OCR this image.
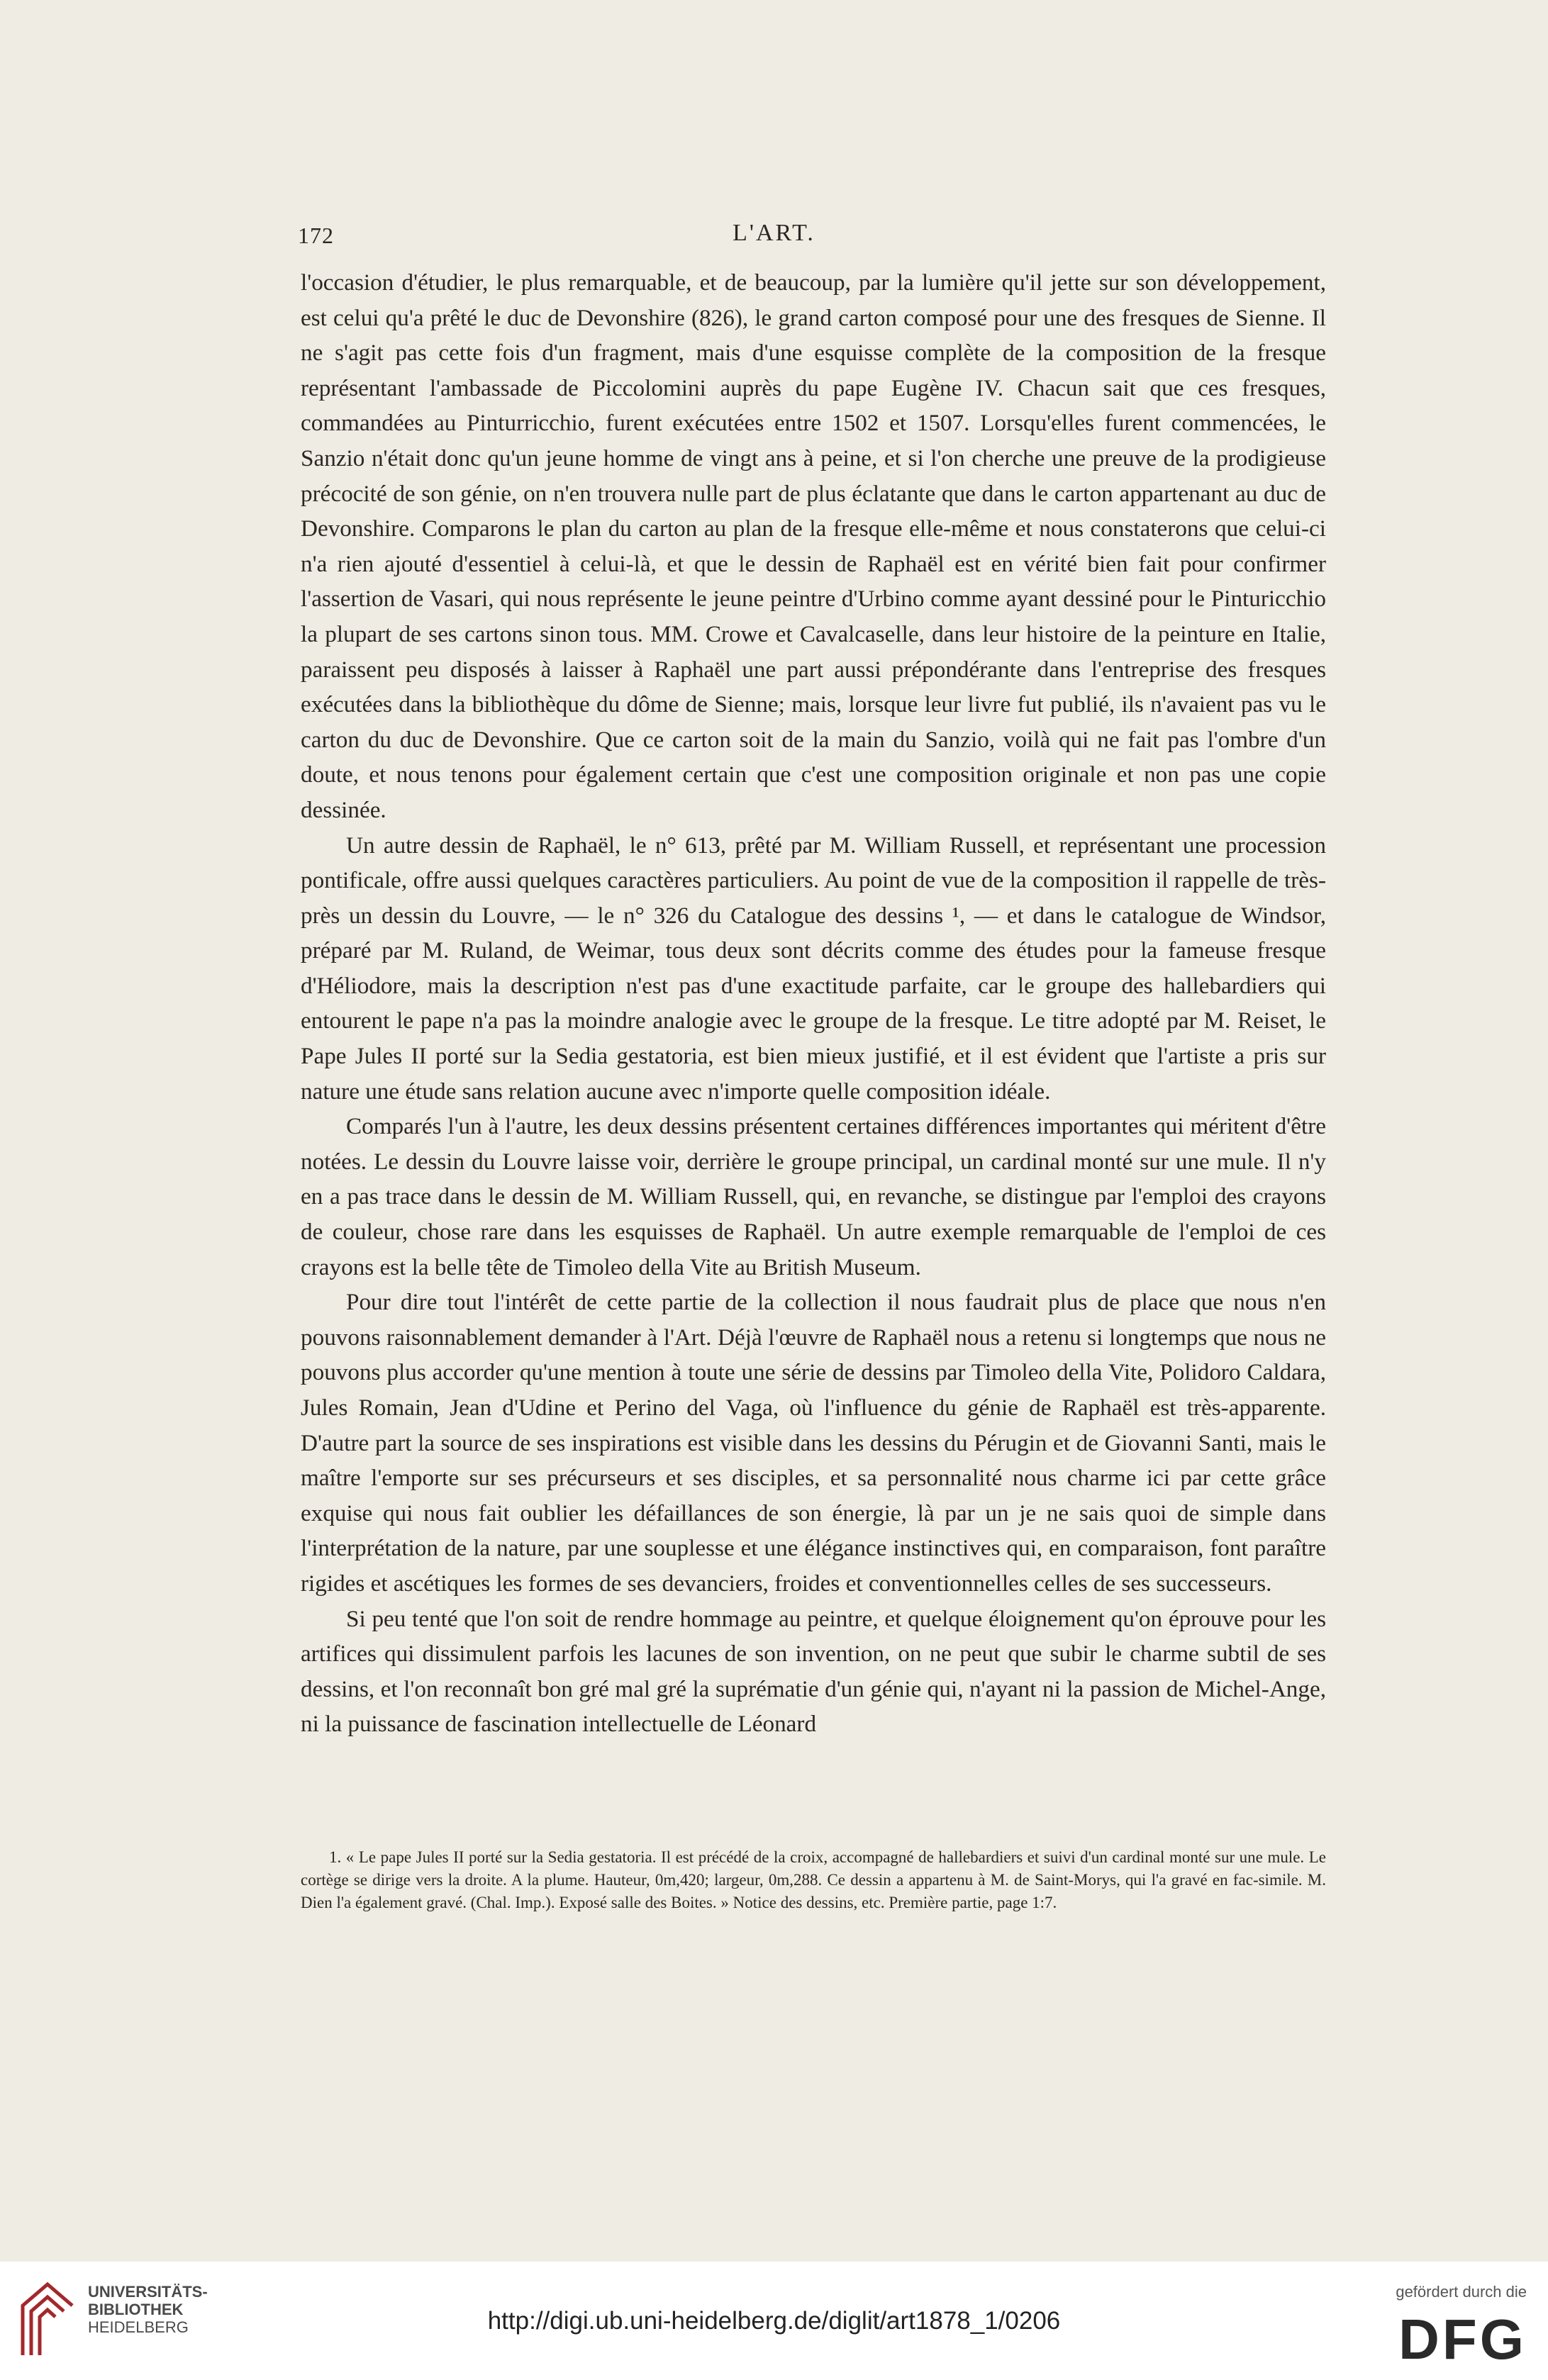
172	L'ART.

l'occasion d'étudier, le plus remarquable, et de beaucoup, par la lumière qu'il jette sur son développement, est celui qu'a prêté le duc de Devonshire (826), le grand carton composé pour une des fresques de Sienne. Il ne s'agit pas cette fois d'un fragment, mais d'une esquisse complète de la composition de la fresque représentant l'ambassade de Piccolomini auprès du pape Eugène IV. Chacun sait que ces fresques, commandées au Pinturricchio, furent exécutées entre 1502 et 1507. Lorsqu'elles furent commencées, le Sanzio n'était donc qu'un jeune homme de vingt ans à peine, et si l'on cherche une preuve de la prodigieuse précocité de son génie, on n'en trouvera nulle part de plus éclatante que dans le carton appartenant au duc de Devonshire. Comparons le plan du carton au plan de la fresque elle-même et nous constaterons que celui-ci n'a rien ajouté d'essentiel à celui-là, et que le dessin de Raphaël est en vérité bien fait pour confirmer l'assertion de Vasari, qui nous représente le jeune peintre d'Urbino comme ayant dessiné pour le Pinturicchio la plupart de ses cartons sinon tous. MM. Crowe et Cavalcaselle, dans leur histoire de la peinture en Italie, paraissent peu disposés à laisser à Raphaël une part aussi prépondérante dans l'entreprise des fresques exécutées dans la bibliothèque du dôme de Sienne; mais, lorsque leur livre fut publié, ils n'avaient pas vu le carton du duc de Devonshire. Que ce carton soit de la main du Sanzio, voilà qui ne fait pas l'ombre d'un doute, et nous tenons pour également certain que c'est une composition originale et non pas une copie dessinée.

Un autre dessin de Raphaël, le n° 613, prêté par M. William Russell, et représentant une procession pontificale, offre aussi quelques caractères particuliers. Au point de vue de la composition il rappelle de très-près un dessin du Louvre, — le n° 326 du Catalogue des dessins ¹, — et dans le catalogue de Windsor, préparé par M. Ruland, de Weimar, tous deux sont décrits comme des études pour la fameuse fresque d'Héliodore, mais la description n'est pas d'une exactitude parfaite, car le groupe des hallebardiers qui entourent le pape n'a pas la moindre analogie avec le groupe de la fresque. Le titre adopté par M. Reiset, le Pape Jules II porté sur la Sedia gestatoria, est bien mieux justifié, et il est évident que l'artiste a pris sur nature une étude sans relation aucune avec n'importe quelle composition idéale.

Comparés l'un à l'autre, les deux dessins présentent certaines différences importantes qui méritent d'être notées. Le dessin du Louvre laisse voir, derrière le groupe principal, un cardinal monté sur une mule. Il n'y en a pas trace dans le dessin de M. William Russell, qui, en revanche, se distingue par l'emploi des crayons de couleur, chose rare dans les esquisses de Raphaël. Un autre exemple remarquable de l'emploi de ces crayons est la belle tête de Timoleo della Vite au British Museum.

Pour dire tout l'intérêt de cette partie de la collection il nous faudrait plus de place que nous n'en pouvons raisonnablement demander à l'Art. Déjà l'œuvre de Raphaël nous a retenu si longtemps que nous ne pouvons plus accorder qu'une mention à toute une série de dessins par Timoleo della Vite, Polidoro Caldara, Jules Romain, Jean d'Udine et Perino del Vaga, où l'influence du génie de Raphaël est très-apparente. D'autre part la source de ses inspirations est visible dans les dessins du Pérugin et de Giovanni Santi, mais le maître l'emporte sur ses précurseurs et ses disciples, et sa personnalité nous charme ici par cette grâce exquise qui nous fait oublier les défaillances de son énergie, là par un je ne sais quoi de simple dans l'interprétation de la nature, par une souplesse et une élégance instinctives qui, en comparaison, font paraître rigides et ascétiques les formes de ses devanciers, froides et conventionnelles celles de ses successeurs.

Si peu tenté que l'on soit de rendre hommage au peintre, et quelque éloignement qu'on éprouve pour les artifices qui dissimulent parfois les lacunes de son invention, on ne peut que subir le charme subtil de ses dessins, et l'on reconnaît bon gré mal gré la suprématie d'un génie qui, n'ayant ni la passion de Michel-Ange, ni la puissance de fascination intellectuelle de Léonard

1. « Le pape Jules II porté sur la Sedia gestatoria. Il est précédé de la croix, accompagné de hallebardiers et suivi d'un cardinal monté sur une mule. Le cortège se dirige vers la droite. A la plume. Hauteur, 0m,420; largeur, 0m,288. Ce dessin a appartenu à M. de Saint-Morys, qui l'a gravé en fac-simile. M. Dien l'a également gravé. (Chal. Imp.). Exposé salle des Boites. » Notice des dessins, etc. Première partie, page 1:7.
UNIVERSITÄTS-
BIBLIOTHEK
HEIDELBERG	http://digi.ub.uni-heidelberg.de/diglit/art1878_1/0206
gefördert durch die
DFG
